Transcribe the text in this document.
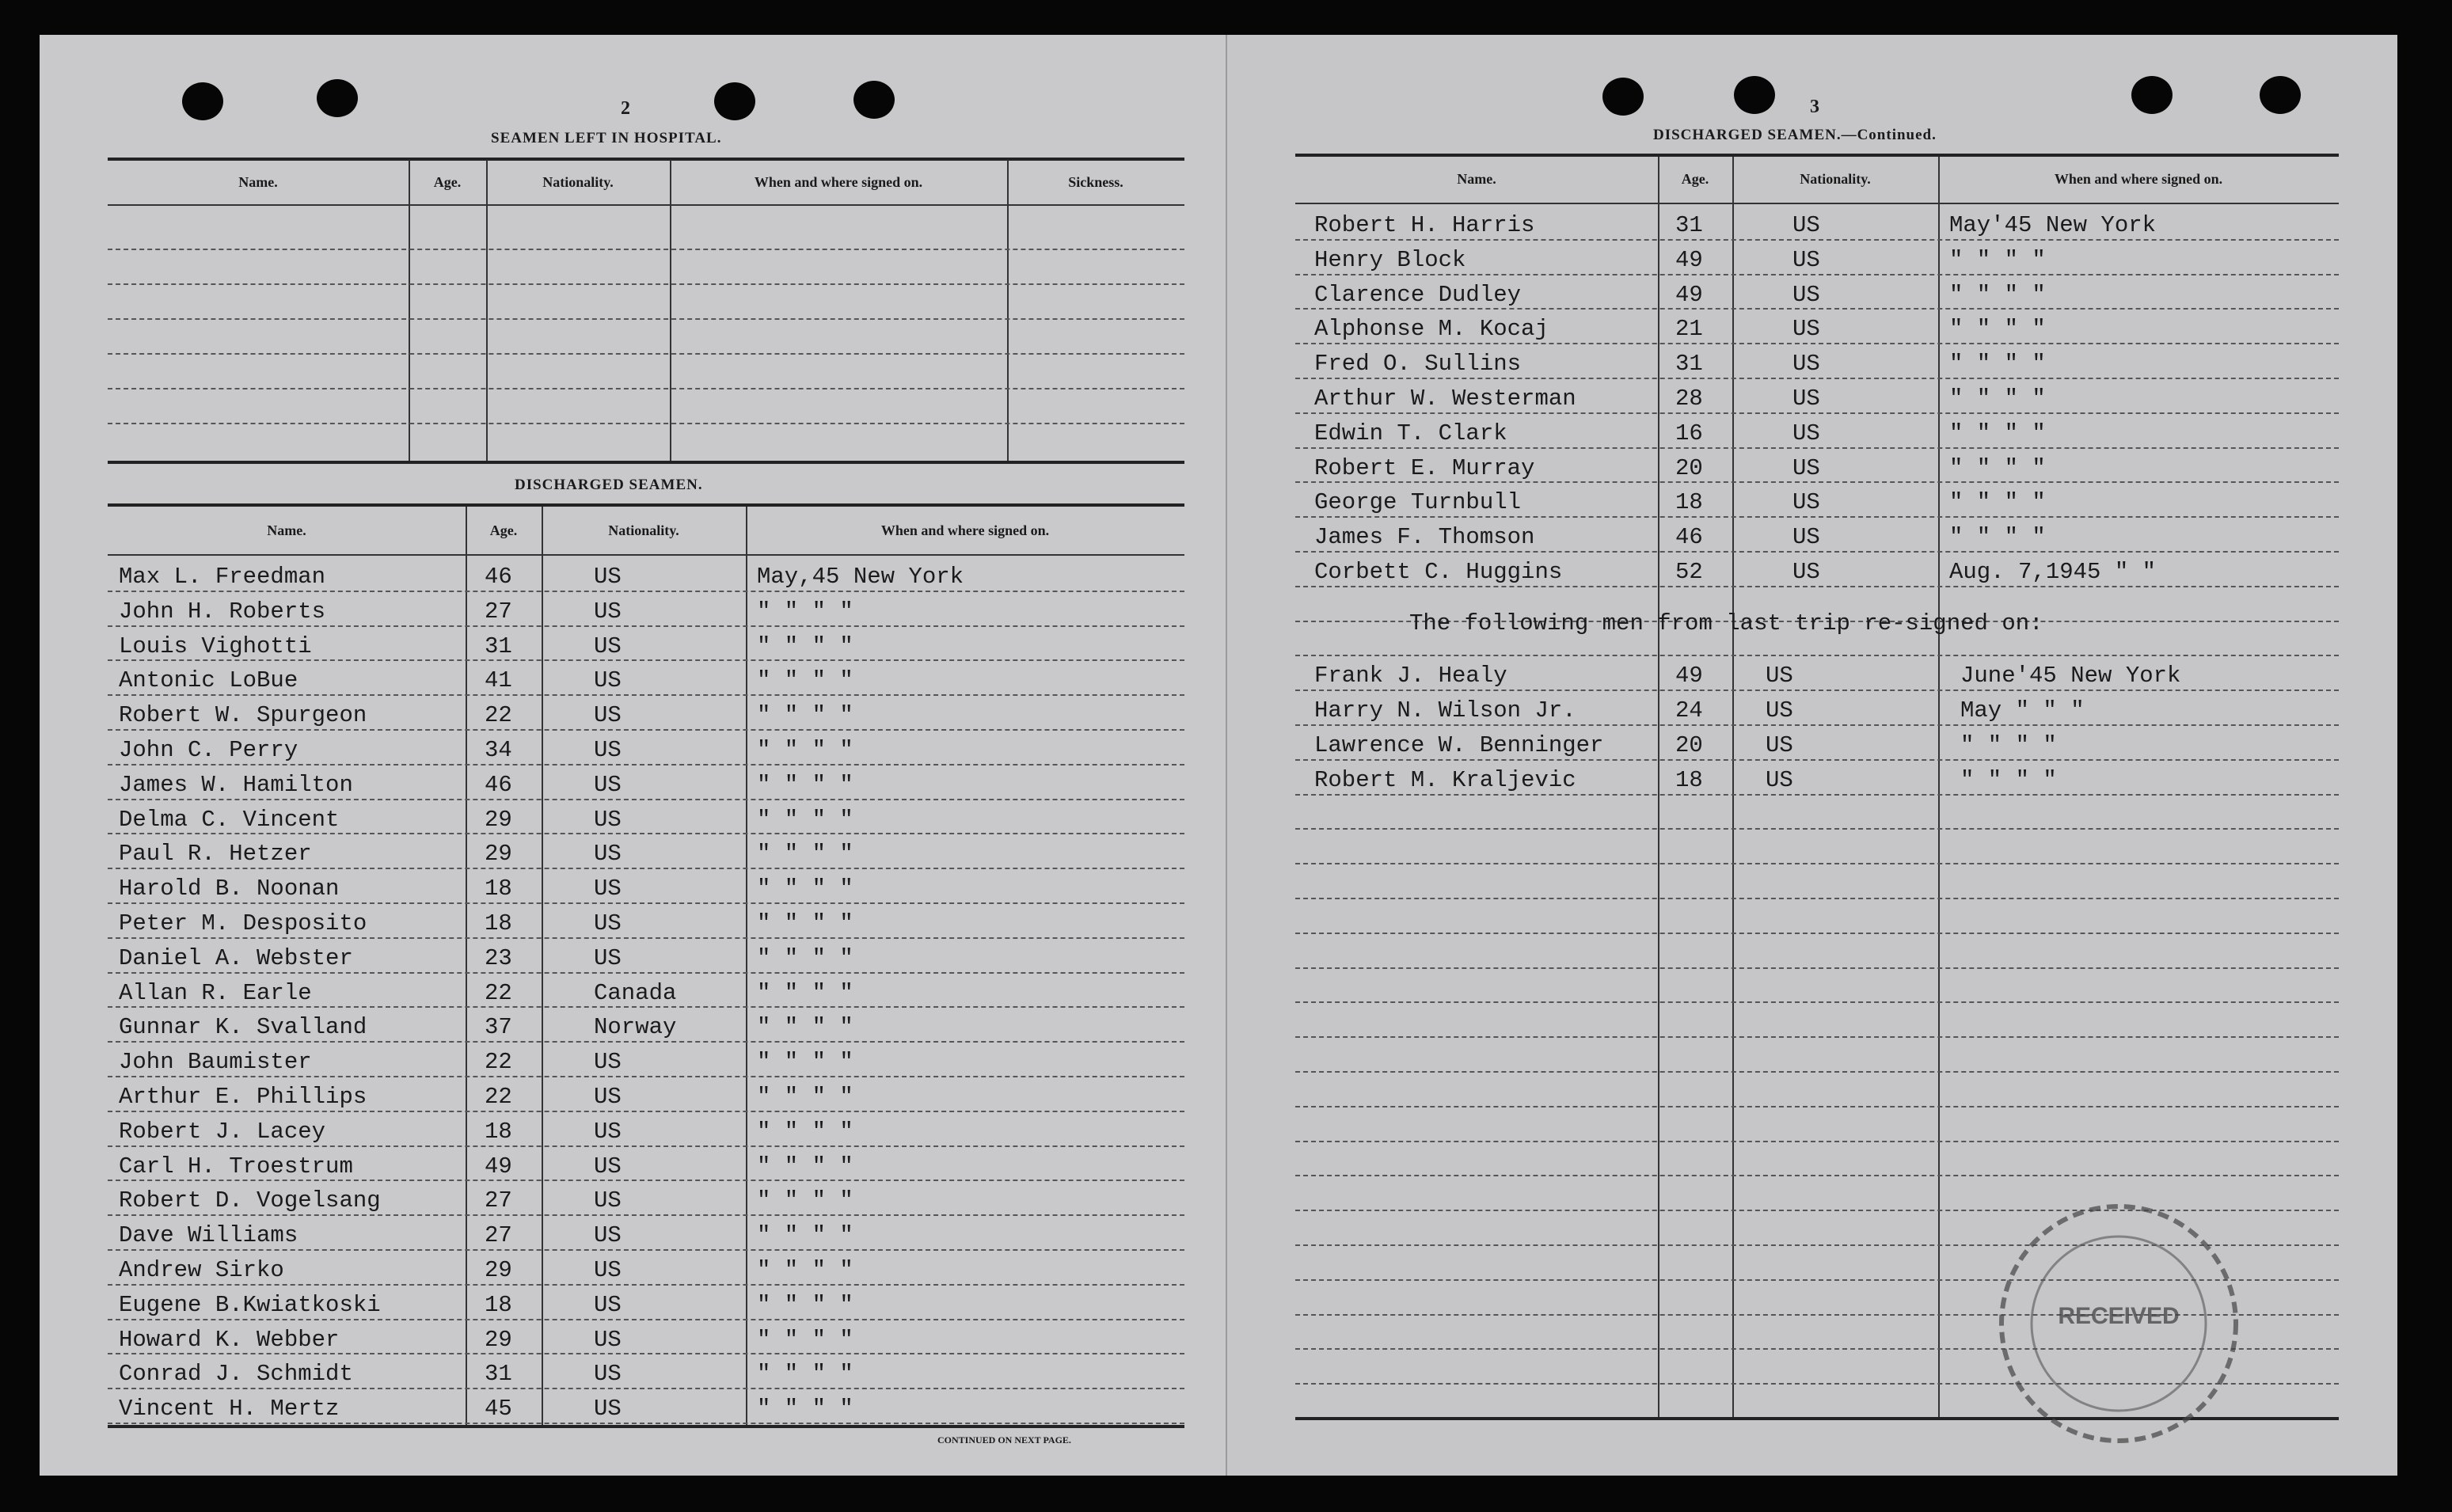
2
SEAMEN LEFT IN HOSPITAL.
Name.	Age.	Nationality.	When and where signed on.	Sickness.
DISCHARGED SEAMEN.
Name.	Age.	Nationality.	When and where signed on.
Max L. Freedman	46	US	May,45 New York
John H. Roberts	27	US	" " " "
Louis Vighotti	31	US	" " " "
Antonic LoBue	41	US	" " " "
Robert W. Spurgeon	22	US	" " " "
John C. Perry	34	US	" " " "
James W. Hamilton	46	US	" " " "
Delma C. Vincent	29	US	" " " "
Paul R. Hetzer	29	US	" " " "
Harold B. Noonan	18	US	" " " "
Peter M. Desposito	18	US	" " " "
Daniel A. Webster	23	US	" " " "
Allan R. Earle	22	Canada	" " " "
Gunnar K. Svalland	37	Norway	" " " "
John Baumister	22	US	" " " "
Arthur E. Phillips	22	US	" " " "
Robert J. Lacey	18	US	" " " "
Carl H. Troestrum	49	US	" " " "
Robert D. Vogelsang	27	US	" " " "
Dave Williams	27	US	" " " "
Andrew Sirko	29	US	" " " "
Eugene B.Kwiatkoski	18	US	" " " "
Howard K. Webber	29	US	" " " "
Conrad J. Schmidt	31	US	" " " "
Vincent H. Mertz	45	US	" " " "
CONTINUED ON NEXT PAGE.
3
DISCHARGED SEAMEN.—Continued.
Name.	Age.	Nationality.	When and where signed on.
Robert H. Harris	31	US	May'45 New York
Henry Block	49	US	" " " "
Clarence Dudley	49	US	" " " "
Alphonse M. Kocaj	21	US	" " " "
Fred O. Sullins	31	US	" " " "
Arthur W. Westerman	28	US	" " " "
Edwin T. Clark	16	US	" " " "
Robert E. Murray	20	US	" " " "
George Turnbull	18	US	" " " "
James F. Thomson	46	US	" " " "
Corbett C. Huggins	52	US	Aug. 7,1945 " "
The following men from last trip re-signed on:
Frank J. Healy	49	US	June'45 New York
Harry N. Wilson Jr.	24	US	May " " "
Lawrence W. Benninger	20	US	" " " "
Robert M. Kraljevic	18	US	" " " "
RECEIVED
